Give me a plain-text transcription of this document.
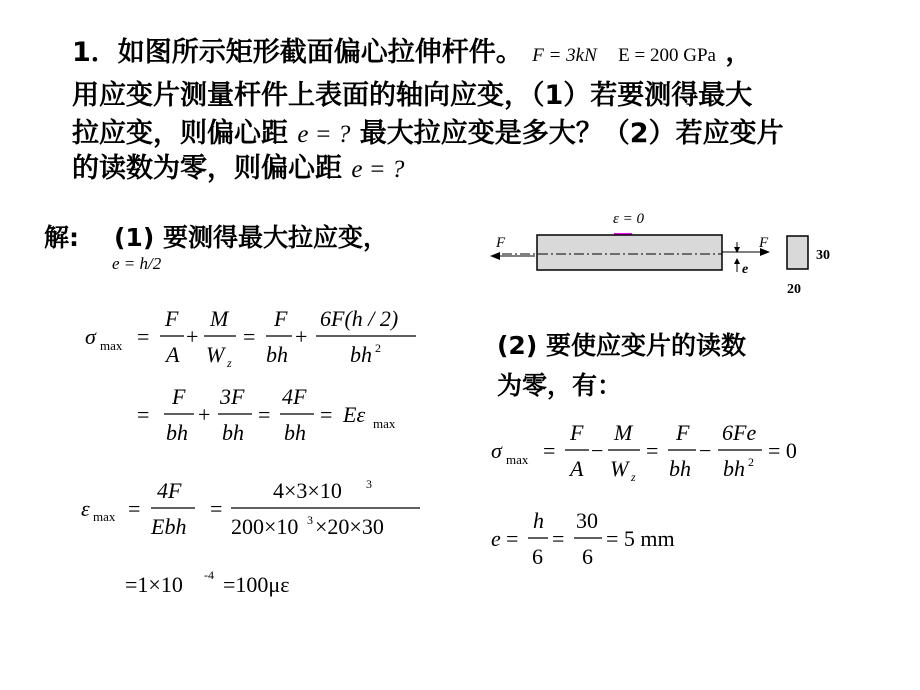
1．如图所示矩形截面偏心拉伸杆件。 F = 3kN E = 200 GPa ，
用应变片测量杆件上表面的轴向应变，（1）若要测得最大
拉应变，则偏心距 e = ? 最大拉应变是多大？（2）若应变片
的读数为零，则偏心距 e = ?
解: (1) 要测得最大拉应变，
e = h/2
(2) 要使应变片的读数
为零，有：
ε = 0
F	F
e
30
20
σ max =
F
A
+
M
W z
=
F
bh
+
6F(h / 2)
bh 2
=
F
bh
+
3F
bh
=
4F
bh
= Eε max
ε max =
4F
Ebh
=
4×3×10 3
200×10 3 ×20×30
=1×10 -4 =100με
σ max =
F
A
−
M
W z
=
F
bh
−
6Fe
bh 2 = 0
e =
h
6
=
30
6
= 5 mm
